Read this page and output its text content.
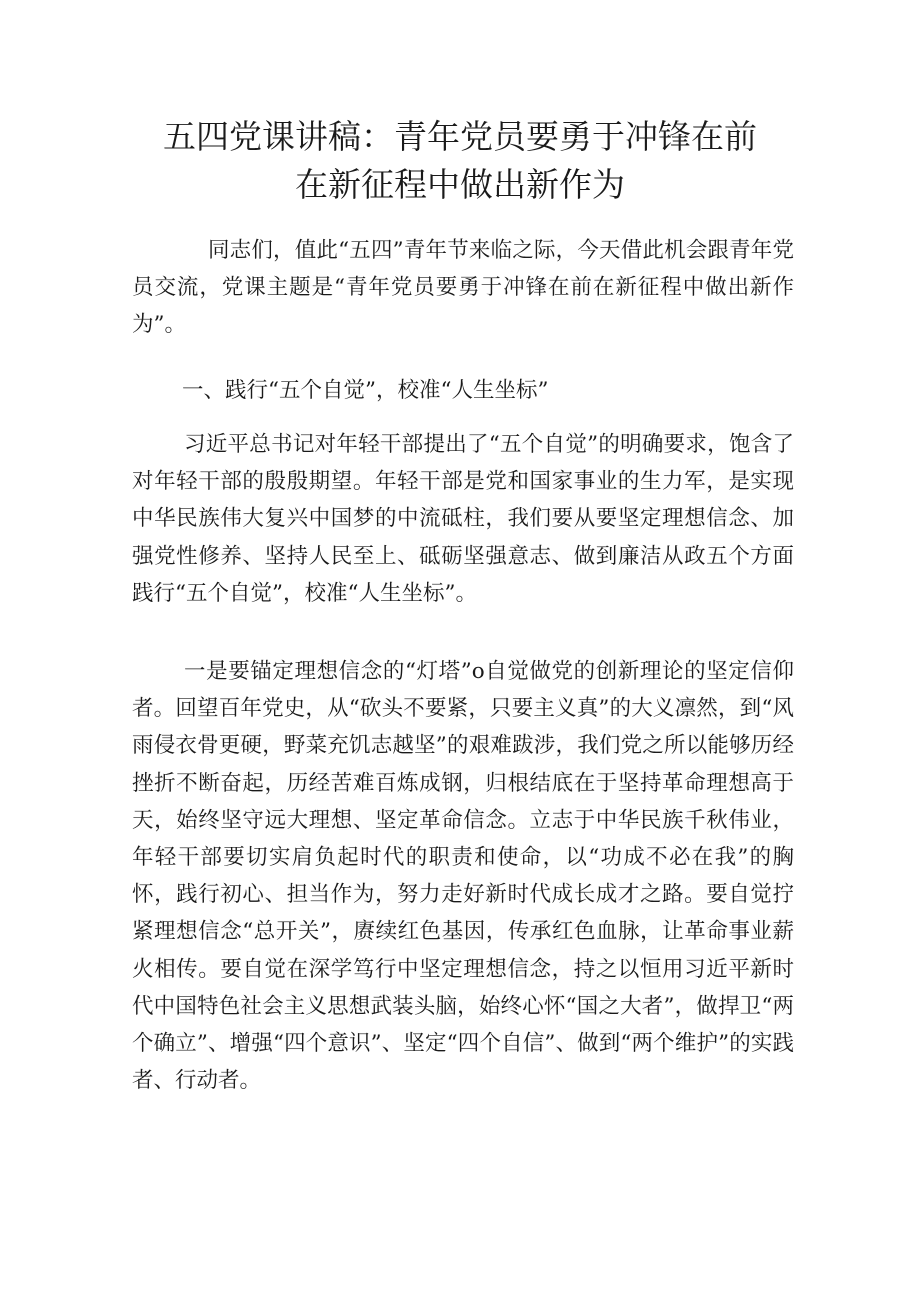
五四党课讲稿：青年党员要勇于冲锋在前
在新征程中做出新作为

同志们，值此“五四”青年节来临之际，今天借此机会跟青年党员交流，党课主题是“青年党员要勇于冲锋在前在新征程中做出新作为”。

一、践行“五个自觉”，校准“人生坐标”

习近平总书记对年轻干部提出了“五个自觉”的明确要求，饱含了对年轻干部的殷殷期望。年轻干部是党和国家事业的生力军，是实现中华民族伟大复兴中国梦的中流砥柱，我们要从要坚定理想信念、加强党性修养、坚持人民至上、砥砺坚强意志、做到廉洁从政五个方面践行“五个自觉”，校准“人生坐标”。

一是要锚定理想信念的“灯塔”o自觉做党的创新理论的坚定信仰者。回望百年党史，从“砍头不要紧，只要主义真”的大义凛然，到“风雨侵衣骨更硬，野菜充饥志越坚”的艰难跋涉，我们党之所以能够历经挫折不断奋起，历经苦难百炼成钢，归根结底在于坚持革命理想高于天，始终坚守远大理想、坚定革命信念。立志于中华民族千秋伟业，年轻干部要切实肩负起时代的职责和使命，以“功成不必在我”的胸怀，践行初心、担当作为，努力走好新时代成长成才之路。要自觉拧紧理想信念“总开关”，赓续红色基因，传承红色血脉，让革命事业薪火相传。要自觉在深学笃行中坚定理想信念，持之以恒用习近平新时代中国特色社会主义思想武装头脑，始终心怀“国之大者”，做捍卫“两个确立”、增强“四个意识”、坚定“四个自信”、做到“两个维护”的实践者、行动者。
